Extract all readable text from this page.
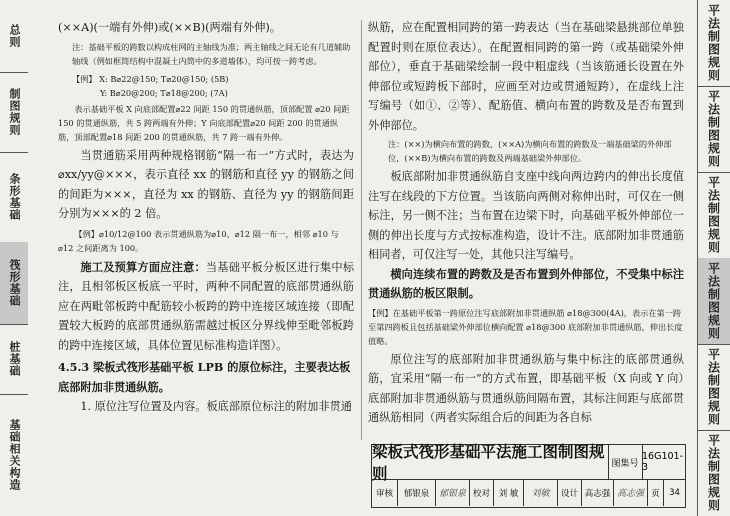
总则
制图规则
条形基础
筏形基础
桩基础
基础相关构造
平法制图规则
平法制图规则
平法制图规则
平法制图规则
平法制图规则
平法制图规则

(××A)(一端有外伸)或(××B)(两端有外伸)。

注：基础平板的跨数以构成柱网的主轴线为准；两主轴线之间无论有几道辅助轴线（例如框筒结构中混凝土内筒中的多道墙体），均可按一跨考虑。

【例】 X: B⌀22@150; T⌀20@150; (5B)

Y: B⌀20@200; T⌀18@200; (7A)

表示基础平板 X 向底部配置⌀22 间距 150 的贯通纵筋，顶部配置 ⌀20 间距 150 的贯通纵筋，共 5 跨两端有外伸；Y 向底部配置⌀20 间距 200 的贯通纵筋，顶部配置⌀18 间距 200 的贯通纵筋，共 7 跨一端有外伸。

当贯通筋采用两种规格钢筋“隔一布一”方式时，表达为 ⌀xx/yy@×××，表示直径 xx 的钢筋和直径 yy 的钢筋之间的间距为×××，直径为 xx 的钢筋、直径为 yy 的钢筋间距分别为×××的 2 倍。

【例】⌀10/12@100 表示贯通纵筋为⌀10、⌀12 隔一布一，相邻 ⌀10 与⌀12 之间距离为 100。

施工及预算方面应注意：当基础平板分板区进行集中标注，且相邻板区板底一平时，两种不同配置的底部贯通纵筋应在两毗邻板跨中配筋较小板跨的跨中连接区域连接（即配置较大板跨的底部贯通纵筋需越过板区分界线伸至毗邻板跨的跨中连接区域，具体位置见标准构造详图）。

4.5.3 梁板式筏形基础平板 LPB 的原位标注，主要表达板底部附加非贯通纵筋。

1. 原位注写位置及内容。板底部原位标注的附加非贯通

纵筋，应在配置相同跨的第一跨表达（当在基础梁悬挑部位单独配置时则在原位表达）。在配置相同跨的第一跨（或基础梁外伸部位），垂直于基础梁绘制一段中粗虚线（当该筋通长设置在外伸部位或短跨板下部时，应画至对边或贯通短跨），在虚线上注写编号（如①、②等）、配筋值、横向布置的跨数及是否布置到外伸部位。

注：(××)为横向布置的跨数，(××A)为横向布置的跨数及一端基础梁的外伸部位，(××B)为横向布置的跨数及两端基础梁外伸部位。

板底部附加非贯通纵筋自支座中线向两边跨内的伸出长度值注写在线段的下方位置。当该筋向两侧对称伸出时，可仅在一侧标注，另一侧不注；当布置在边梁下时，向基础平板外伸部位一侧的伸出长度与方式按标准构造，设计不注。底部附加非贯通筋相同者，可仅注写一处，其他只注写编号。

横向连续布置的跨数及是否布置到外伸部位，不受集中标注贯通纵筋的板区限制。

【例】在基础平板第一跨原位注写底部附加非贯通纵筋 ⌀18@300(4A)，表示在第一跨至第四跨板且包括基础梁外伸部位横向配置 ⌀18@300 底部附加非贯通纵筋，伸出长度值略。

原位注写的底部附加非贯通纵筋与集中标注的底部贯通纵筋，宜采用“隔一布一”的方式布置，即基础平板（X 向或 Y 向）底部附加非贯通纵筋与贯通纵筋间隔布置，其标注间距与底部贯通纵筋相同（两者实际组合后的间距为各自标

梁板式筏形基础平法施工图制图规则
图集号
16G101-3
审核	郁银泉	郁银泉 校对	刘 敏	刘敏	设计 高志强 高志强 页	34
